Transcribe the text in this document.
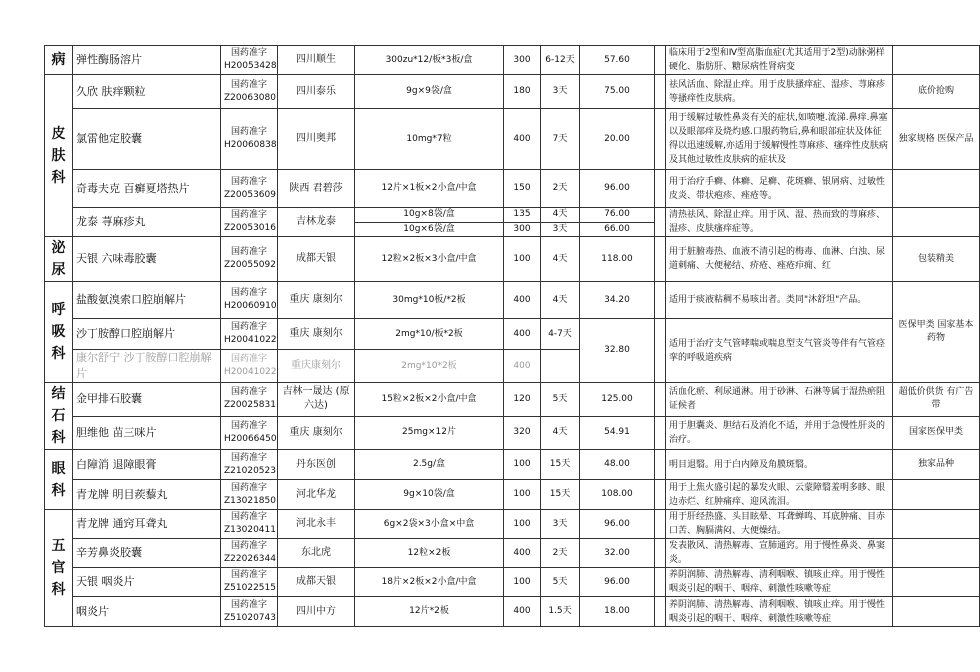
病	弹性酶肠溶片	国药准字 H20053428	四川顺生	300zu*12/板*3板/盒	300	6-12天	57.60		临床用于2型和Ⅳ型高脂血症(尤其适用于2型)动脉粥样硬化、脂肪肝、糖尿病性肾病变	
皮 肤 科	久欣 肤痒颗粒	国药准字 Z20063080	四川泰乐	9g×9袋/盒	180	3天	75.00		祛风活血、除湿止痒。用于皮肤搔痒症、湿疹、荨麻疹等搔痒性皮肤病。	底价抢购
	氯雷他定胶囊	国药准字 H20060838	四川奥邦	10mg*7粒	400	7天	20.00		用于缓解过敏性鼻炎有关的症状,如喷嚏.流涕.鼻痒.鼻塞以及眼部痒及烧灼感.口服药物后,鼻和眼部症状及体征得以迅速缓解,亦适用于缓解慢性荨麻疹、瘙痒性皮肤病及其他过敏性皮肤病的症状及	独家规格 医保产品
	奇毒夫克 百癣夏塔热片	国药准字 Z20053609	陕西 君碧莎	12片×1板×2小盒/中盒	150	2天	96.00		用于治疗手癣、体癣、足癣、花斑癣、银屑病、过敏性皮炎、带状疱疹、痤疮等。	
	龙泰 荨麻疹丸	国药准字 Z20053016	吉林龙泰	10g×8袋/盒	135	4天	76.00		清热祛风、除湿止痒。用于风、湿、热而致的荨麻疹、湿疹、皮肤瘙痒症等。	
				10g×6袋/盒	300	3天	66.00			
泌 尿	天银 六味毒胶囊	国药准字 Z20055092	成都天银	12粒×2板×3小盒/中盒	100	4天	118.00		用于脏腑毒热、血液不清引起的梅毒、血淋、白浊、尿道刺痛、大便秘结、疥疮、痤疮疖痈、红	包装精美
呼 吸 科	盐酸氨溴索口腔崩解片	国药准字 H20060910	重庆 康刻尔	30mg*10板/*2板	400	4天	34.20		适用于痰液粘稠不易咳出者。类同"沐舒坦"产品。	医保甲类 国家基本药物
	沙丁胺醇口腔崩解片	国药准字 H20041022	重庆 康刻尔	2mg*10/板*2板	400	4-7天	32.80		适用于治疗支气管哮喘或喘息型支气管炎等伴有气管痉挛的呼吸道疾病	
	康尔舒宁 沙丁胺醇口腔崩解片	国药准字 H20041022	重庆康刻尔	2mg*10*2板	400					
结 石 科	金甲排石胶囊	国药准字 Z20025831	吉林一晟达 (原六达)	15粒×2板×2小盒/中盒	120	5天	125.00		活血化瘀、利尿通淋。用于砂淋、石淋等属于湿热瘀阻证候者	超低价供货 有广告带
	胆维他 苗三咪片	国药准字 H20066450	重庆 康刻尔	25mg×12片	320	4天	54.91		用于胆囊炎、胆结石及消化不适，并用于急慢性肝炎的治疗。	国家医保甲类
眼 科	白障消 退障眼膏	国药准字 Z21020523	丹东医创	2.5g/盒	100	15天	48.00		明目退翳。用于白内障及角膜斑翳。	独家品种
	青龙牌 明目蒺藜丸	国药准字 Z13021850	河北华龙	9g×10袋/盒	100	15天	108.00		用于上焦火盛引起的暴发火眼、云蒙障翳羞明多眵、眼边赤烂、红肿痛痒、迎风流泪。	
五 官 科	青龙牌 通窍耳聋丸	国药准字 Z13020411	河北永丰	6g×2袋×3小盒×中盒	100	3天	96.00		用于肝经热盛、头目眩晕、耳聋蝉鸣、耳底肿痛、目赤口苦、胸膈满闷、大便燥结。	
	辛芳鼻炎胶囊	国药准字 Z22026344	东北虎	12粒×2板	400	2天	32.00		发表散风、清热解毒、宣肺通窍。用于慢性鼻炎、鼻窦炎。	
	天银 咽炎片	国药准字 Z51022515	成都天银	18片×2板×2小盒/中盒	100	5天	96.00		养阴润肺、清热解毒、清利咽喉、镇咳止痒。用于慢性咽炎引起的咽干、咽痒、刺激性咳嗽等症	
	咽炎片	国药准字 Z51020743	四川中方	12片*2板	400	1.5天	18.00		养阴润肺、清热解毒、清利咽喉、镇咳止痒。用于慢性咽炎引起的咽干、咽痒、刺激性咳嗽等症	
